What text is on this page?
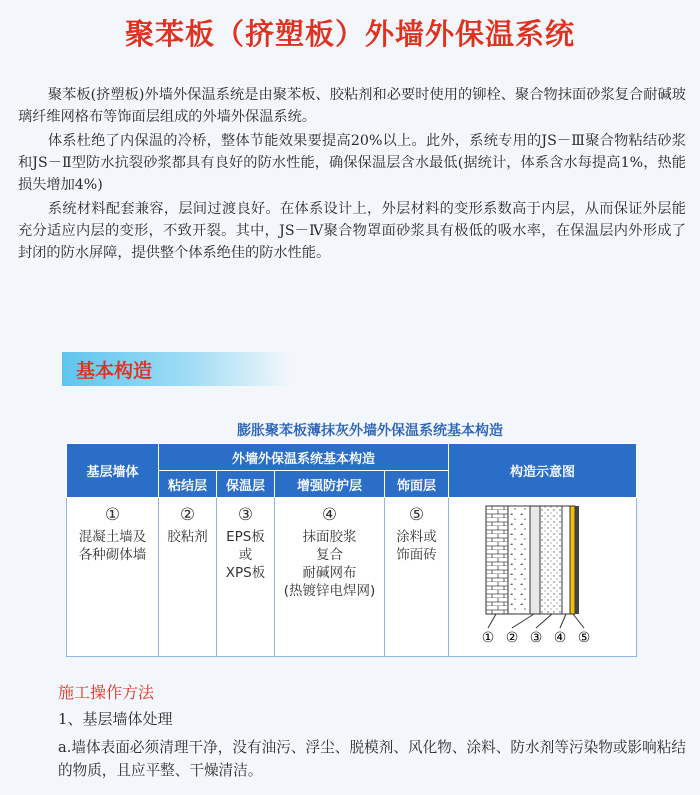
聚苯板（挤塑板）外墙外保温系统

聚苯板(挤塑板)外墙外保温系统是由聚苯板、胶粘剂和必要时使用的铆栓、聚合物抹面砂浆复合耐碱玻璃纤维网格布等饰面层组成的外墙外保温系统。

体系杜绝了内保温的冷桥，整体节能效果要提高20%以上。此外，系统专用的JS－Ⅲ聚合物粘结砂浆和JS－Ⅱ型防水抗裂砂浆都具有良好的防水性能，确保保温层含水最低(据统计，体系含水每提高1%，热能损失增加4%)

系统材料配套兼容，层间过渡良好。在体系设计上，外层材料的变形系数高于内层，从而保证外层能充分适应内层的变形，不致开裂。其中，JS－Ⅳ聚合物罩面砂浆具有极低的吸水率，在保温层内外形成了封闭的防水屏障，提供整个体系绝佳的防水性能。

基本构造
膨胀聚苯板薄抹灰外墙外保温系统基本构造
基层墙体	外墙外保温系统基本构造				构造示意图
	粘结层	保温层	增强防护层	饰面层	

①
混凝土墙及
各种砌体墙	②
胶粘剂	③
EPS板
或
XPS板	④
抹面胶浆
复合
耐碱网布
(热镀锌电焊网)	⑤
涂料或
饰面砖	① ② ③ ④ ⑤
施工操作方法
1、基层墙体处理
a.墙体表面必须清理干净，没有油污、浮尘、脱模剂、风化物、涂料、防水剂等污染物或影响粘结的物质，且应平整、干燥清洁。
